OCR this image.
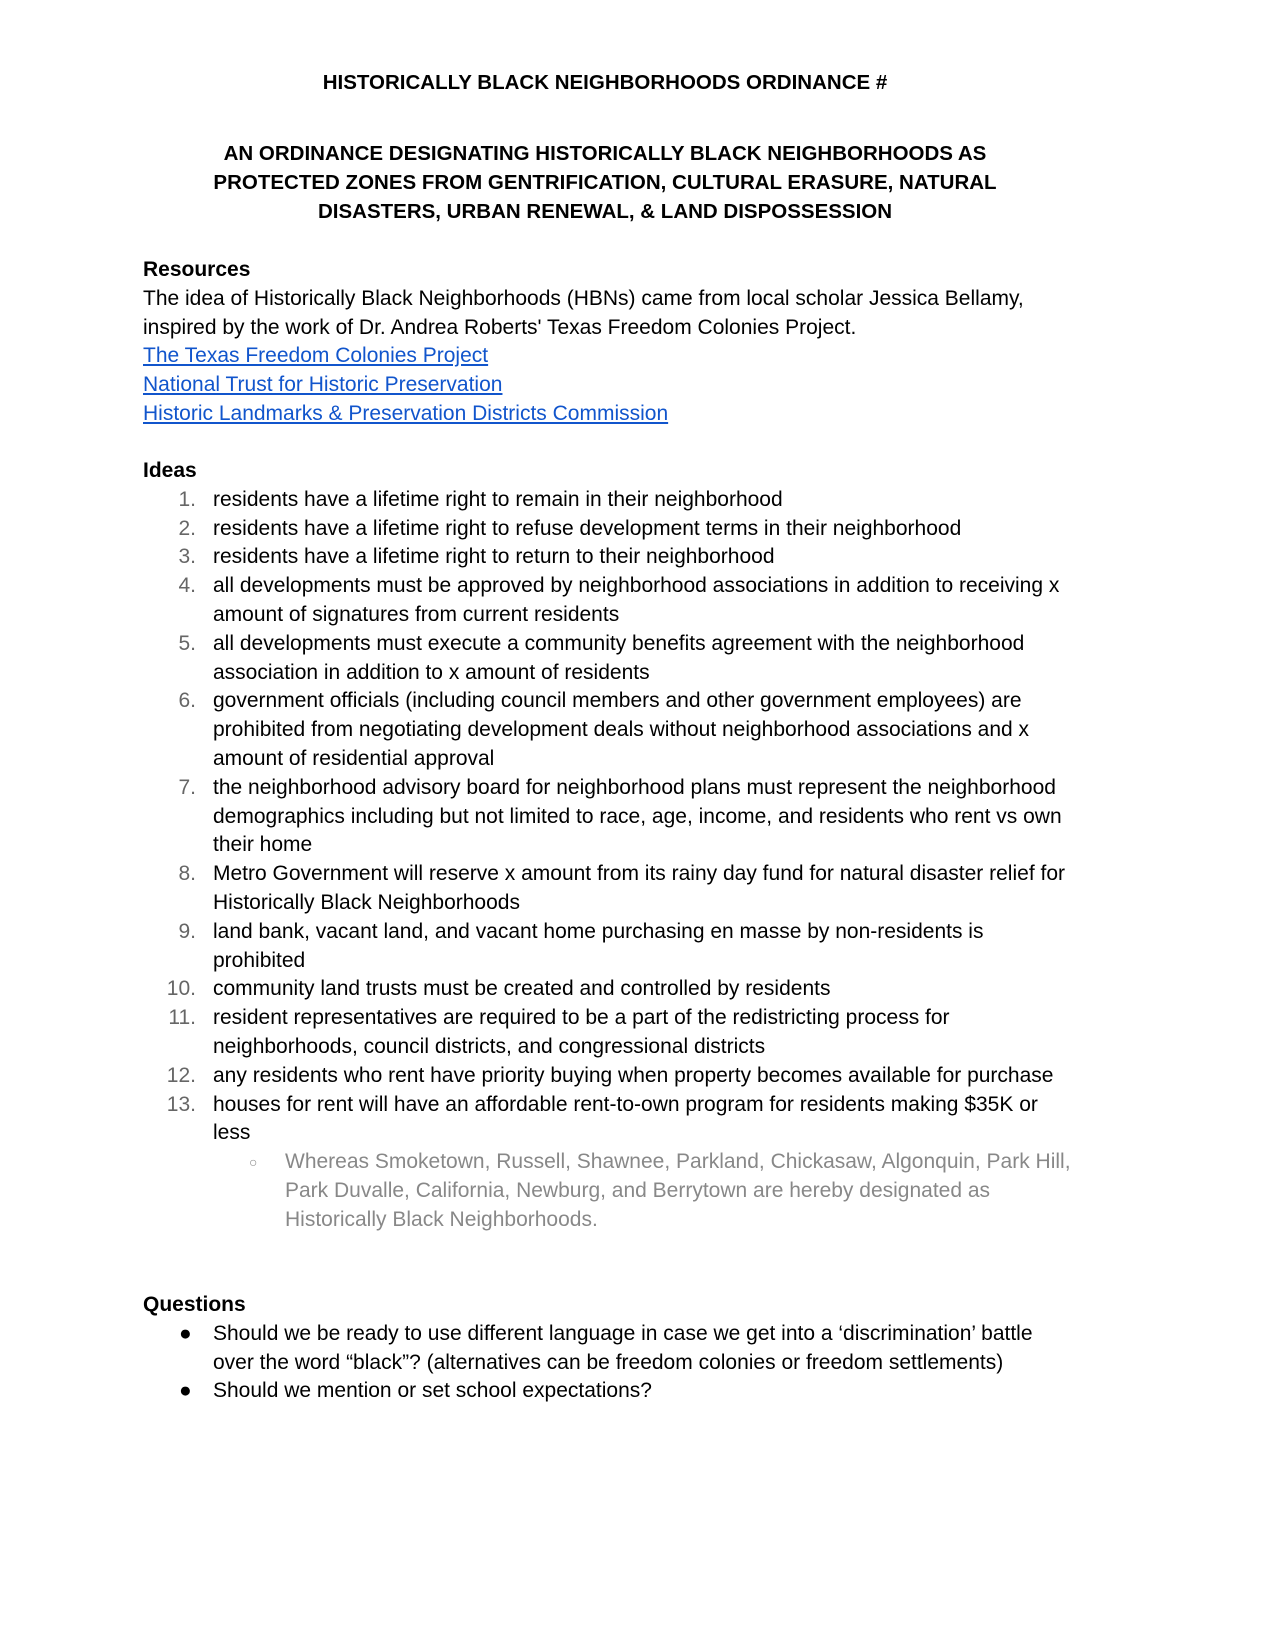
HISTORICALLY BLACK NEIGHBORHOODS ORDINANCE #
AN ORDINANCE DESIGNATING HISTORICALLY BLACK NEIGHBORHOODS AS PROTECTED ZONES FROM GENTRIFICATION, CULTURAL ERASURE, NATURAL DISASTERS, URBAN RENEWAL, & LAND DISPOSSESSION
Resources

The idea of Historically Black Neighborhoods (HBNs) came from local scholar Jessica Bellamy, inspired by the work of Dr. Andrea Roberts' Texas Freedom Colonies Project.

The Texas Freedom Colonies Project
National Trust for Historic Preservation
Historic Landmarks & Preservation Districts Commission
Ideas
1. residents have a lifetime right to remain in their neighborhood
2. residents have a lifetime right to refuse development terms in their neighborhood
3. residents have a lifetime right to return to their neighborhood
4. all developments must be approved by neighborhood associations in addition to receiving x amount of signatures from current residents
5. all developments must execute a community benefits agreement with the neighborhood association in addition to x amount of residents
6. government officials (including council members and other government employees) are prohibited from negotiating development deals without neighborhood associations and x amount of residential approval
7. the neighborhood advisory board for neighborhood plans must represent the neighborhood demographics including but not limited to race, age, income, and residents who rent vs own their home
8. Metro Government will reserve x amount from its rainy day fund for natural disaster relief for Historically Black Neighborhoods
9. land bank, vacant land, and vacant home purchasing en masse by non-residents is prohibited
10. community land trusts must be created and controlled by residents
11. resident representatives are required to be a part of the redistricting process for neighborhoods, council districts, and congressional districts
12. any residents who rent have priority buying when property becomes available for purchase
13. houses for rent will have an affordable rent-to-own program for residents making $35K or less
○ Whereas Smoketown, Russell, Shawnee, Parkland, Chickasaw, Algonquin, Park Hill, Park Duvalle, California, Newburg, and Berrytown are hereby designated as Historically Black Neighborhoods.
Questions
● Should we be ready to use different language in case we get into a ‘discrimination’ battle over the word “black”? (alternatives can be freedom colonies or freedom settlements)
● Should we mention or set school expectations?
